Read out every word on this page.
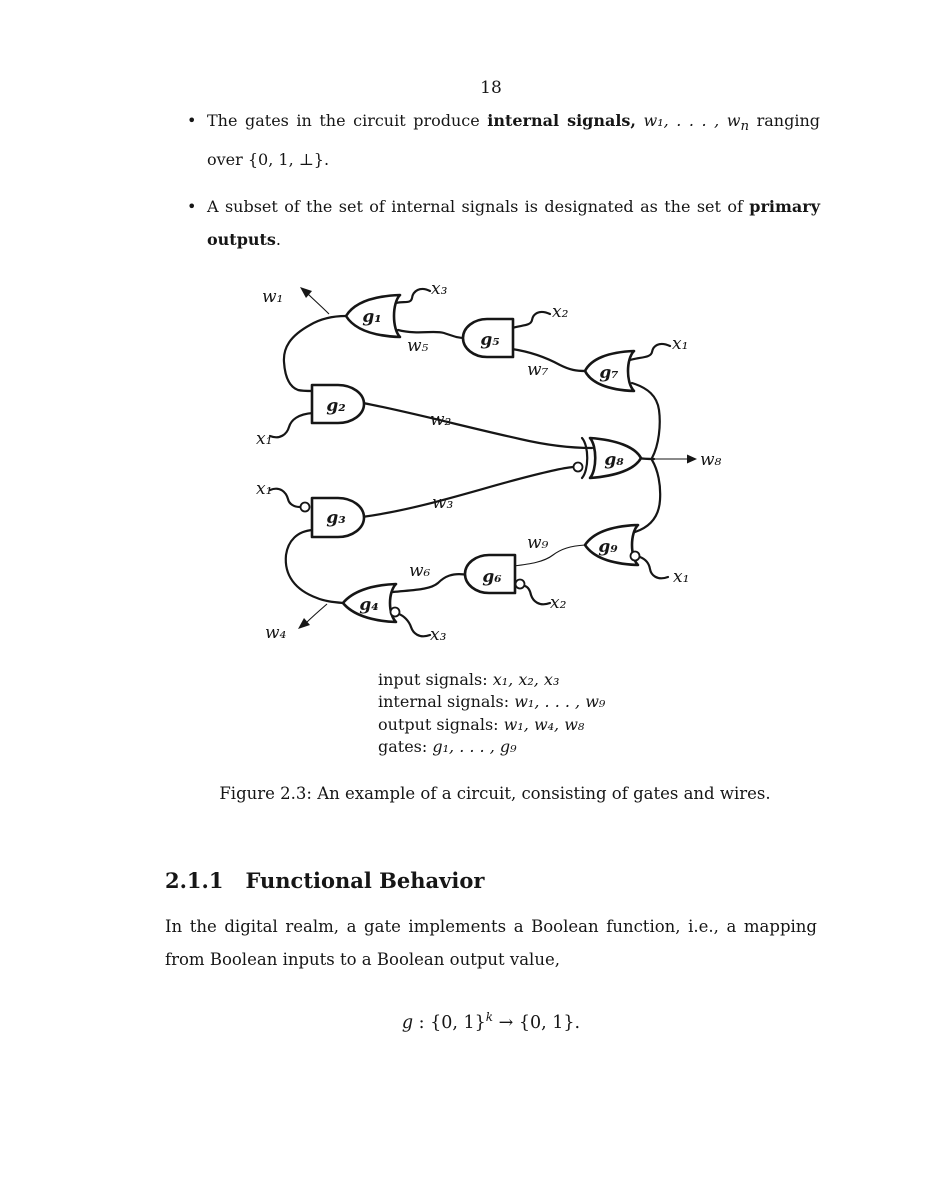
18
• The gates in the circuit produce internal signals, w₁, . . . , $w_n$ ranging over {0, 1, ⊥}.
• A subset of the set of internal signals is designated as the set of primary outputs.
g₁
g₂
g₃
g₄
g₅
g₆
g₇
g₈
g₉
w₁	x₃
x₂
x₁
w₅
w₇
w₂
x₁
x₁
w₃
w₈
w₉
x₁
w₆
x₂
x₃
w₄
input signals: x₁, x₂, x₃
internal signals: w₁, . . . , w₉
output signals: w₁, w₄, w₈
gates: g₁, . . . , g₉
Figure 2.3: An example of a circuit, consisting of gates and wires.
2.1.1 Functional Behavior
In the digital realm, a gate implements a Boolean function, i.e., a mapping from Boolean inputs to a Boolean output value,
g : {0, 1}$^k$ → {0, 1}.
